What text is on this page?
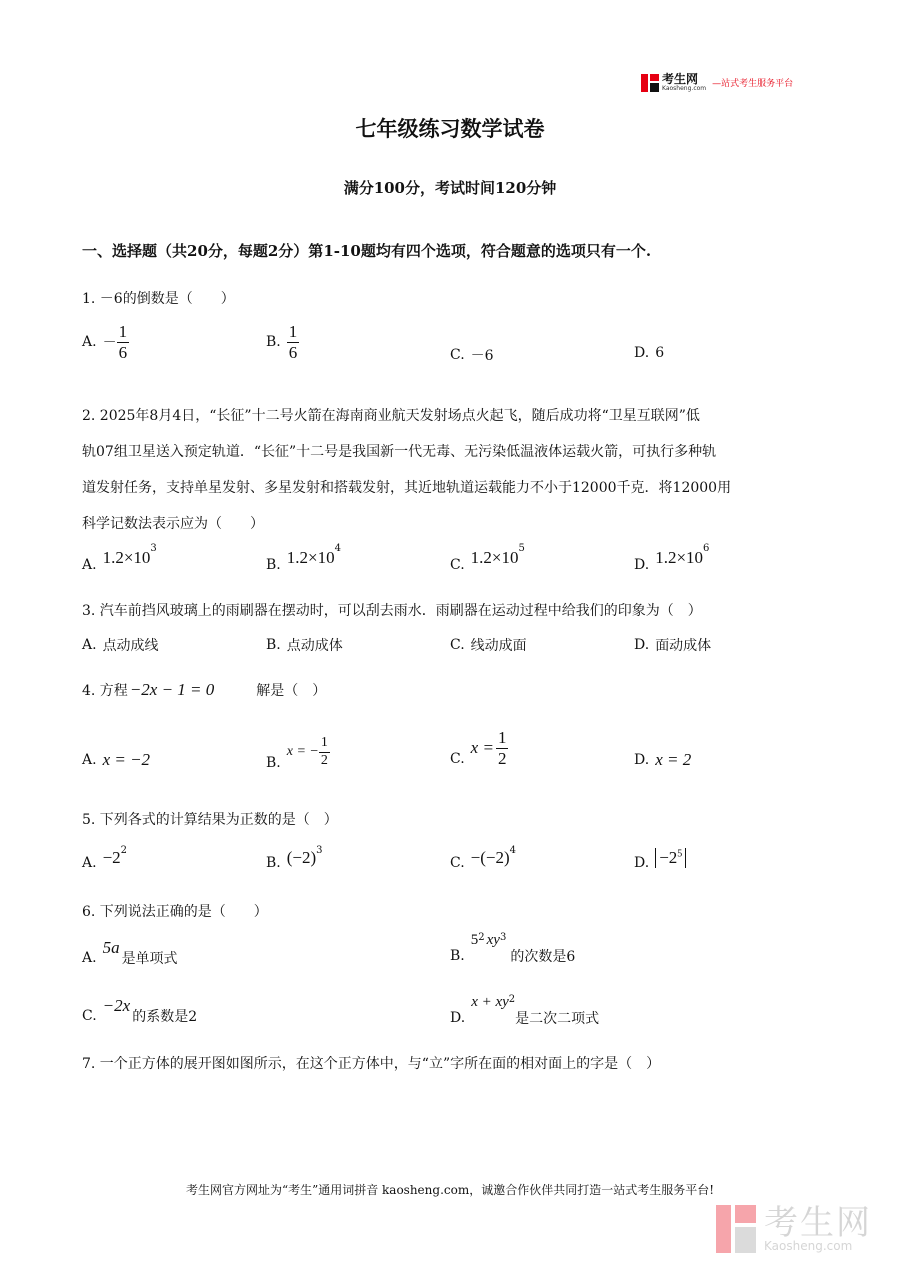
考生网
Kaosheng.com —站式考生服务平台
七年级练习数学试卷
满分100分，考试时间120分钟
一、选择题（共20分，每题2分）第1-10题均有四个选项，符合题意的选项只有一个.
1. －6的倒数是（　　）
A. － $\frac{1}{6}$	B. $\frac{1}{6}$	C. －6	D. 6

2. 2025年8月4日，“长征”十二号火箭在海南商业航天发射场点火起飞，随后成功将“卫星互联网”低

轨07组卫星送入预定轨道．“长征”十二号是我国新一代无毒、无污染低温液体运载火箭，可执行多种轨

道发射任务，支持单星发射、多星发射和搭载发射，其近地轨道运载能力不小于12000千克．将12000用

科学记数法表示应为（　　）

A. $1.2\times 10^3$
B. $1.2\times 10^4$
C. $1.2\times 10^5$
D. $1.2\times 10^6$
3. 汽车前挡风玻璃上的雨刷器在摆动时，可以刮去雨水．雨刷器在运动过程中给我们的印象为（　）
A. 点动成线	B. 点动成体	C. 线动成面	D. 面动成体
4. 方程 −2x − 1 = 0	解是（　）
A. x = −2	B.
x = − $\frac{1}{2}$	C.
$x = \frac{1}{2}$	D. x = 2
5. 下列各式的计算结果为正数的是（　）
A. $-2^2$
B. $(-2)^3$
C. $-(-2)^4$
D. $-2^5$
6. 下列说法正确的是（　　）
A.
5a
是单项式	B.
$5^2$ $xy^3$
的次数是6
C.
−2x
的系数是2	D.
$x + xy^2$
是二次二项式
7. 一个正方体的展开图如图所示，在这个正方体中，与“立”字所在面的相对面上的字是（　）
考生网官方网址为“考生”通用词拼音 kaosheng.com，诚邀合作伙伴共同打造一站式考生服务平台!
考生网
Kaosheng.com
